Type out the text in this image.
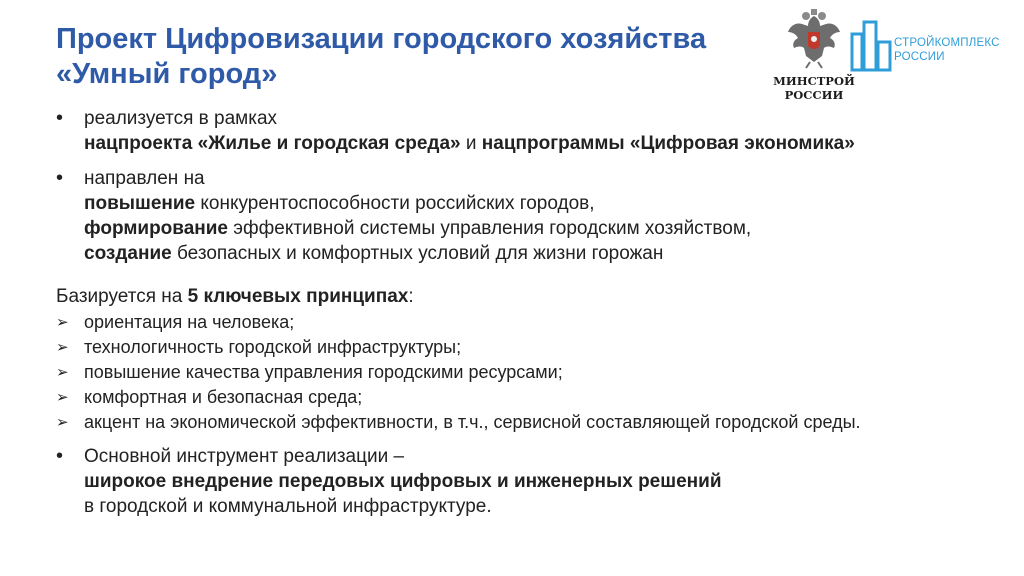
Проект Цифровизации городского хозяйства
«Умный город»	МИНСТРОЙ
РОССИИ
СТРОЙКОМПЛЕКС
РОССИИ
•	реализуется в рамках
нацпроекта «Жилье и городская среда» и нацпрограммы «Цифровая экономика»
•	направлен на
повышение конкурентоспособности российских городов,
формирование эффективной системы управления городским хозяйством,
создание безопасных и комфортных условий для жизни горожан
Базируется на 5 ключевых принципах:
➢ ориентация на человека;
➢ технологичность городской инфраструктуры;
➢ повышение качества управления городскими ресурсами;
➢ комфортная и безопасная среда;
➢ акцент на экономической эффективности, в т.ч., сервисной составляющей городской среды.
•	Основной инструмент реализации –
широкое внедрение передовых цифровых и инженерных решений
в городской и коммунальной инфраструктуре.
